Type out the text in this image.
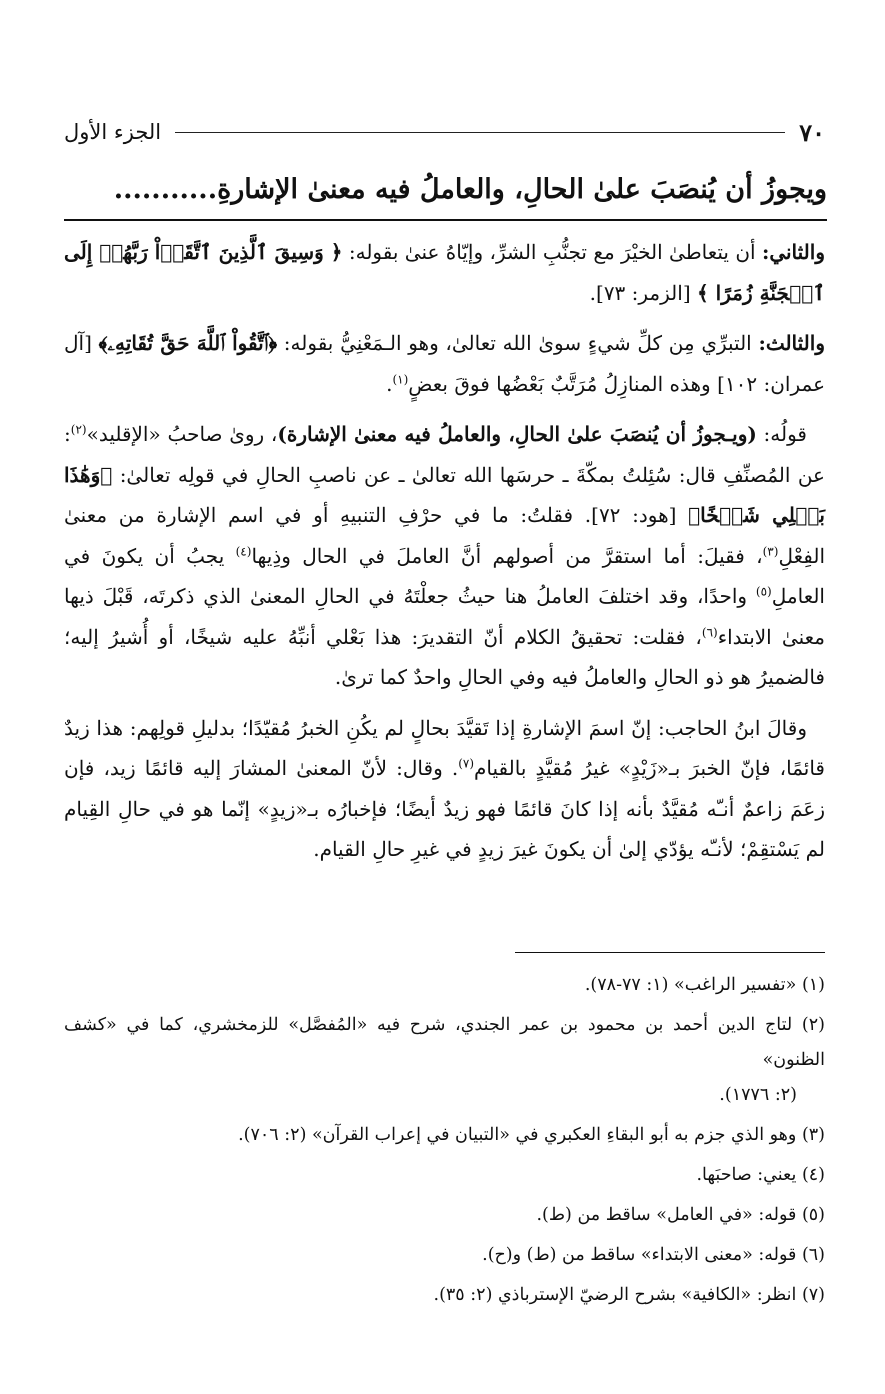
٧٠
الجزء الأول
ويجوزُ أن يُنصَبَ علىٰ الحالِ، والعاملُ فيه معنىٰ الإشارةِ...........

والثاني: أن يتعاطىٰ الخيْرَ مع تجنُّبِ الشرِّ، وإيّاهُ عنىٰ بقوله: ﴿ وَسِيقَ ٱلَّذِينَ ٱتَّقَوۡاْ رَبَّهُمۡ إِلَى ٱلۡجَنَّةِ زُمَرًا ﴾ [الزمر: ٧٣].

والثالث: التبرِّي مِن كلِّ شيءٍ سوىٰ الله تعالىٰ، وهو الـمَعْنِيُّ بقوله: ﴿ٱتَّقُواْ ٱللَّهَ حَقَّ تُقَاتِهِۦ﴾ [آل عمران: ١٠٢] وهذه المنازِلُ مُرَتَّبٌ بَعْضُها فوقَ بعضٍ$^{(١)}$.

قولُه: (ويـجوزُ أن يُنصَبَ علىٰ الحالِ، والعاملُ فيه معنىٰ الإشارة)، روىٰ صاحبُ «الإقليد»$^{(٢)}$: عن المُصنِّفِ قال: سُئِلتُ بمكّةَ ـ حرسَها الله تعالىٰ ـ عن ناصبِ الحالِ في قولِه تعالىٰ: ﴿وَهَٰذَا بَعۡلِي شَيۡخًا﴾ [هود: ٧٢]. فقلتُ: ما في حرْفِ التنبيهِ أو في اسم الإشارة من معنىٰ الفِعْلِ$^{(٣)}$، فقيلَ: أما استقرَّ من أصولهم أنَّ العاملَ في الحال وذِيها$^{(٤)}$ يجبُ أن يكونَ في العاملِ$^{(٥)}$ واحدًا، وقد اختلفَ العاملُ هنا حيثُ جعلْتَهُ في الحالِ المعنىٰ الذي ذكرتَه، قَبْلَ ذيها معنىٰ الابتداء$^{(٦)}$، فقلت: تحقيقُ الكلام أنّ التقديرَ: هذا بَعْلي أنبِّهُ عليه شيخًا، أو أُشيرُ إليه؛ فالضميرُ هو ذو الحالِ والعاملُ فيه وفي الحالِ واحدٌ كما ترىٰ.

وقالَ ابنُ الحاجب: إنّ اسمَ الإشارةِ إذا تَقيَّدَ بحالٍ لم يكُنِ الخبرُ مُقيّدًا؛ بدليلِ قولِهم: هذا زيدٌ قائمًا، فإنّ الخبرَ بـ«زَيْدٍ» غيرُ مُقيَّدٍ بالقيام$^{(٧)}$. وقال: لأنّ المعنىٰ المشارَ إليه قائمًا زيد، فإن زعَمَ زاعمٌ أنـّه مُقيَّدٌ بأنه إذا كانَ قائمًا فهو زيدٌ أيضًا؛ فإخبارُه بـ«زيدٍ» إنّما هو في حالِ القِيام لم يَسْتقِمْ؛ لأنـّه يؤدّي إلىٰ أن يكونَ غيرَ زيدٍ في غيرِ حالِ القيام.

(١) «تفسير الراغب» (١: ٧٧-٧٨).

(٢) لتاج الدين أحمد بن محمود بن عمر الجندي، شرح فيه «المُفصَّل» للزمخشري، كما في «كشف الظنون»
(٢: ١٧٧٦).

(٣) وهو الذي جزم به أبو البقاءِ العكبري في «التبيان في إعراب القرآن» (٢: ٧٠٦).

(٤) يعني: صاحبَها.

(٥) قوله: «في العامل» ساقط من (ط).

(٦) قوله: «معنى الابتداء» ساقط من (ط) و(ح).

(٧) انظر: «الكافية» بشرح الرضيّ الإسترباذي (٢: ٣٥).
